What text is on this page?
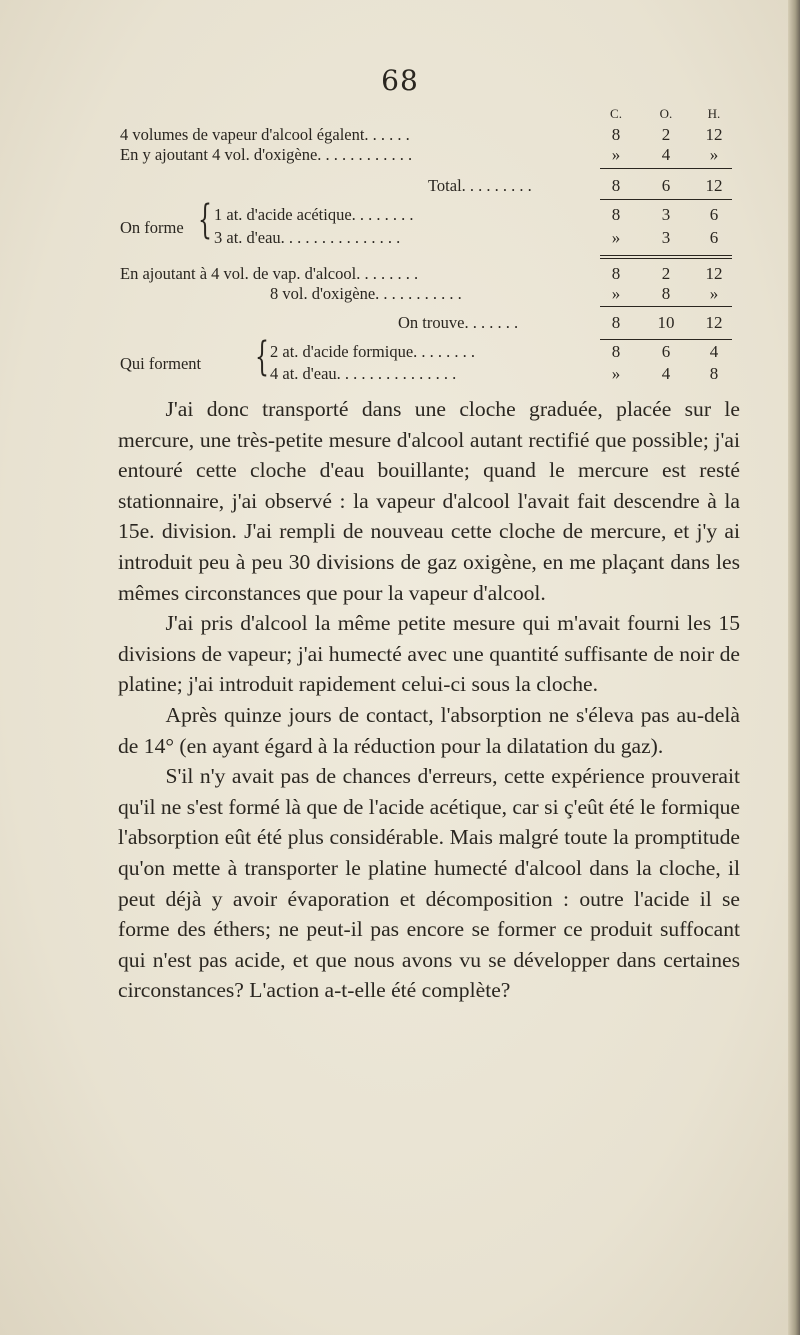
68
C.	O.	H.
4 volumes de vapeur d'alcool égalent. . . . . .	8	2	12
En y ajoutant 4 vol. d'oxigène. . . . . . . . . . . .	»	4	»
Total. . . . . . . . .	8	6	12
On forme { 1 at. d'acide acétique. . . . . . . .	8	3	6
3 at. d'eau. . . . . . . . . . . . . . .	»	3	6
En ajoutant à 4 vol. de vap. d'alcool. . . . . . . .	8	2	12
8 vol. d'oxigène. . . . . . . . . . .	»	8	»
On trouve. . . . . . .	8	10	12
Qui forment { 2 at. d'acide formique. . . . . . . .	8	6	4
4 at. d'eau. . . . . . . . . . . . . . .	»	4	8

J'ai donc transporté dans une cloche graduée, placée sur le mercure, une très-petite mesure d'alcool autant rectifié que possible; j'ai entouré cette cloche d'eau bouillante; quand le mercure est resté stationnaire, j'ai observé : la vapeur d'alcool l'avait fait descendre à la 15e. division. J'ai rempli de nouveau cette cloche de mercure, et j'y ai introduit peu à peu 30 divisions de gaz oxigène, en me plaçant dans les mêmes circonstances que pour la vapeur d'alcool.

J'ai pris d'alcool la même petite mesure qui m'avait fourni les 15 divisions de vapeur; j'ai humecté avec une quantité suffisante de noir de platine; j'ai introduit rapidement celui-ci sous la cloche.

Après quinze jours de contact, l'absorption ne s'éleva pas au-delà de 14° (en ayant égard à la réduction pour la dilatation du gaz).

S'il n'y avait pas de chances d'erreurs, cette expérience prouverait qu'il ne s'est formé là que de l'acide acétique, car si ç'eût été le formique l'absorption eût été plus considérable. Mais malgré toute la promptitude qu'on mette à transporter le platine humecté d'alcool dans la cloche, il peut déjà y avoir évaporation et décomposition : outre l'acide il se forme des éthers; ne peut-il pas encore se former ce produit suffocant qui n'est pas acide, et que nous avons vu se développer dans certaines circonstances? L'action a-t-elle été complète?
